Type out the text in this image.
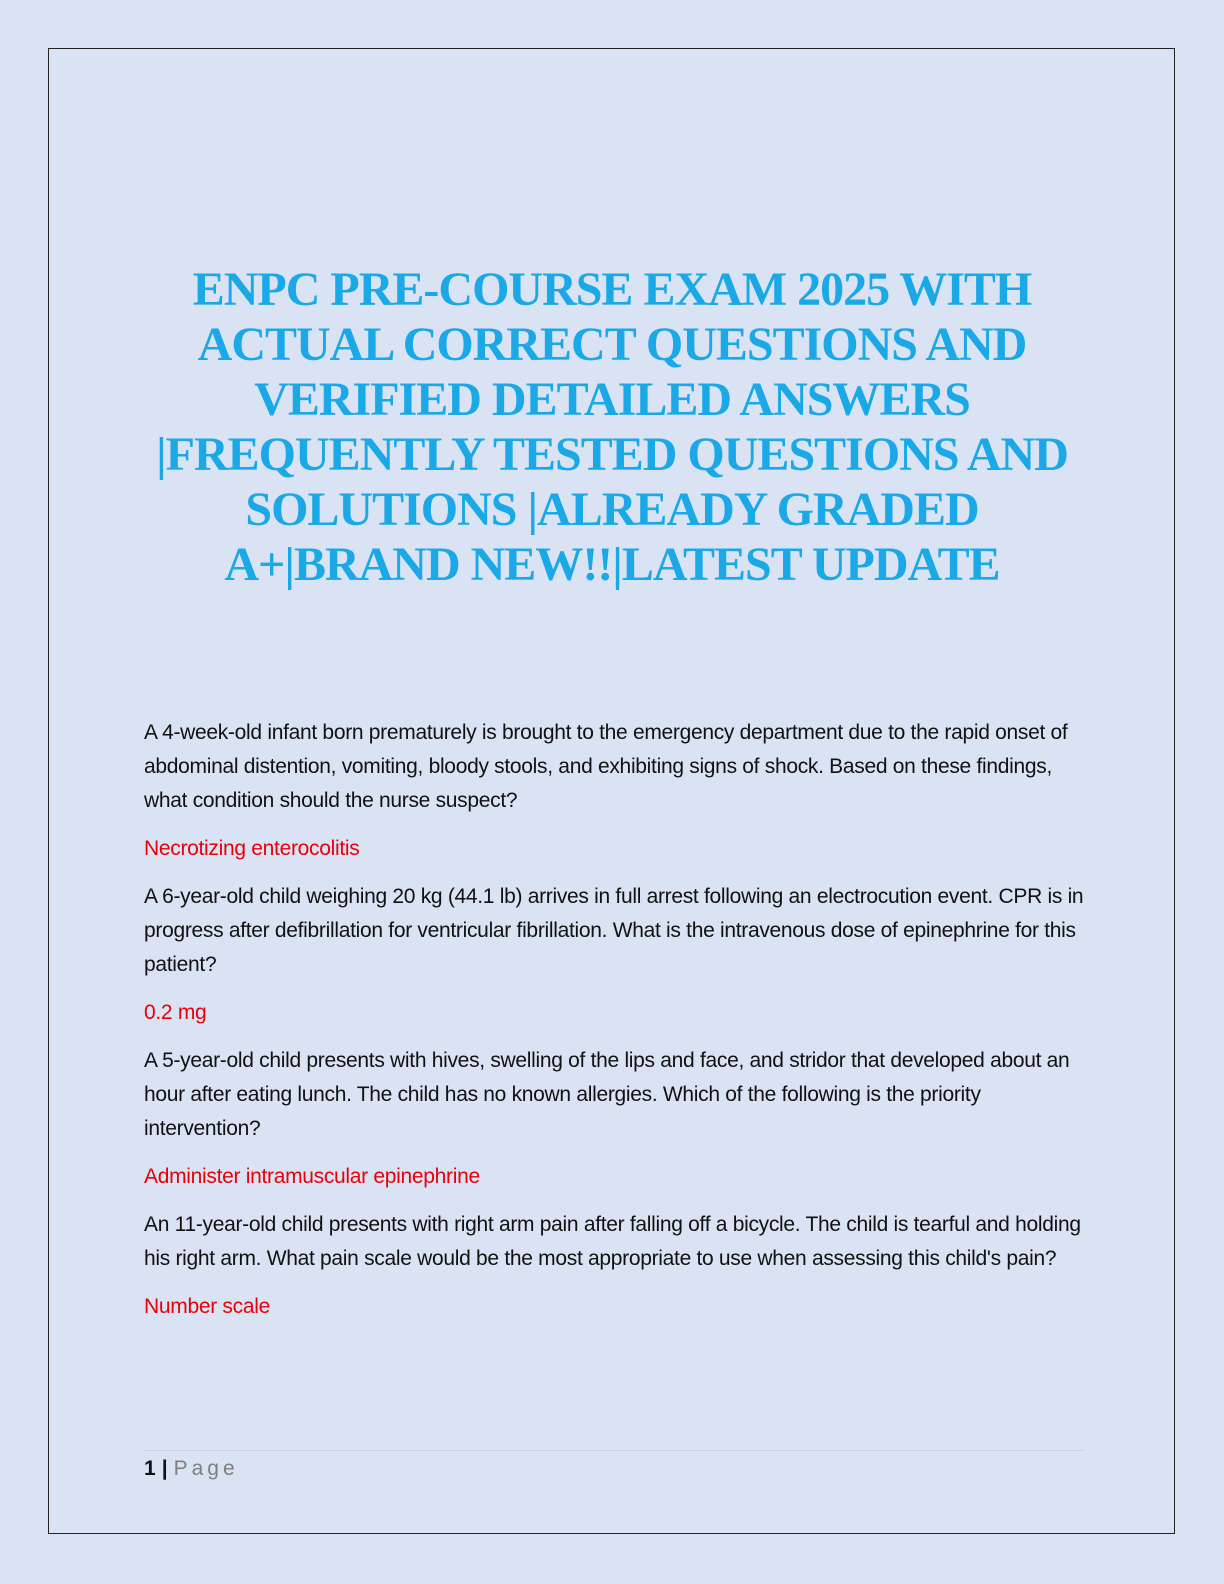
ENPC PRE-COURSE EXAM 2025 WITH ACTUAL CORRECT QUESTIONS AND VERIFIED DETAILED ANSWERS |FREQUENTLY TESTED QUESTIONS AND SOLUTIONS |ALREADY GRADED A+|BRAND NEW!!|LATEST UPDATE

A 4-week-old infant born prematurely is brought to the emergency department due to the rapid onset of abdominal distention, vomiting, bloody stools, and exhibiting signs of shock. Based on these findings, what condition should the nurse suspect?

Necrotizing enterocolitis

A 6-year-old child weighing 20 kg (44.1 lb) arrives in full arrest following an electrocution event. CPR is in progress after defibrillation for ventricular fibrillation. What is the intravenous dose of epinephrine for this patient?

0.2 mg

A 5-year-old child presents with hives, swelling of the lips and face, and stridor that developed about an hour after eating lunch. The child has no known allergies. Which of the following is the priority intervention?

Administer intramuscular epinephrine

An 11-year-old child presents with right arm pain after falling off a bicycle. The child is tearful and holding his right arm. What pain scale would be the most appropriate to use when assessing this child's pain?

Number scale

1 | Page
